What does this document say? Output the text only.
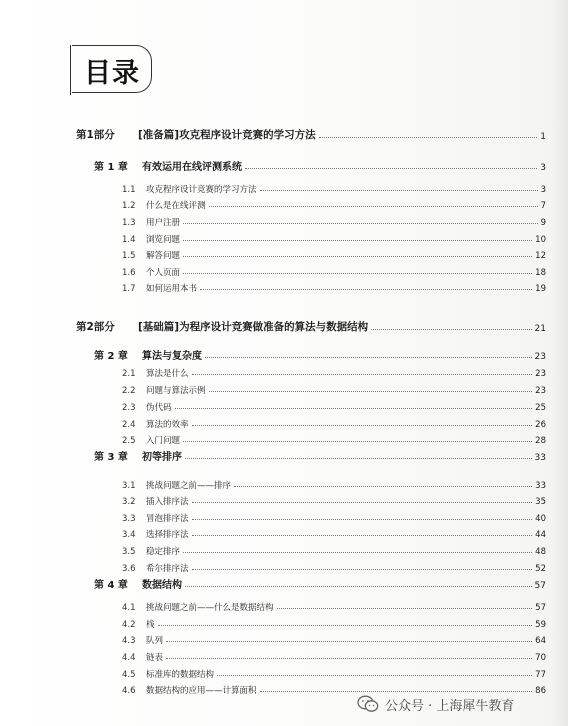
目录
第1部分	[准备篇]攻克程序设计竞赛的学习方法	1
第 1 章	有效运用在线评测系统	3
1.1	攻克程序设计竞赛的学习方法	3
1.2	什么是在线评测	7
1.3	用户注册	9
1.4	浏览问题	10
1.5	解答问题	12
1.6	个人页面	18
1.7	如何运用本书	19
第2部分	[基础篇]为程序设计竞赛做准备的算法与数据结构	21
第 2 章	算法与复杂度	23
2.1	算法是什么	23
2.2	问题与算法示例	23
2.3	伪代码	25
2.4	算法的效率	26
2.5	入门问题	28
第 3 章	初等排序	33
3.1	挑战问题之前——排序	33
3.2	插入排序法	35
3.3	冒泡排序法	40
3.4	选择排序法	44
3.5	稳定排序	48
3.6	希尔排序法	52
第 4 章	数据结构	57
4.1	挑战问题之前——什么是数据结构	57
4.2	栈	59
4.3	队列	64
4.4	链表	70
4.5	标准库的数据结构	77
4.6	数据结构的应用——计算面积	86
公众号 · 上海犀牛教育
